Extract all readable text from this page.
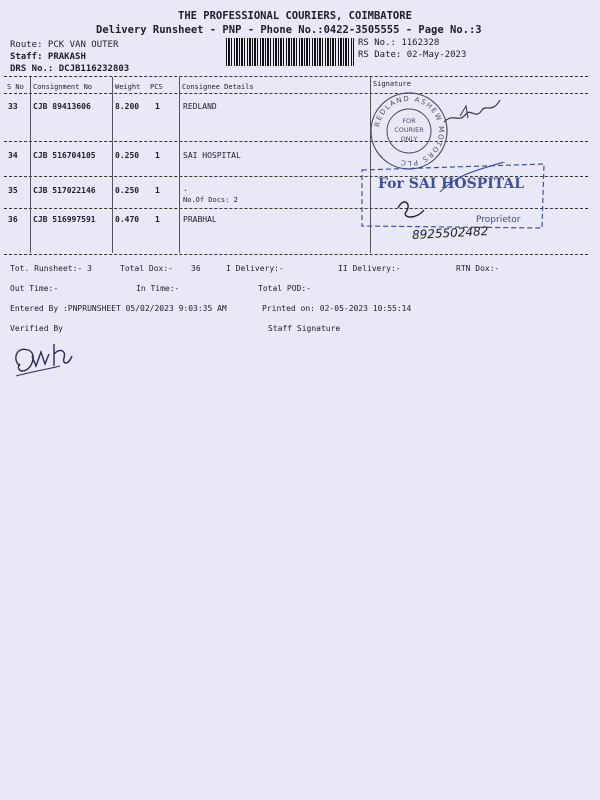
THE PROFESSIONAL COURIERS, COIMBATORE
Delivery Runsheet - PNP - Phone No.:0422-3505555 - Page No.:3
Route: PCK VAN OUTER
Staff: PRAKASH
DRS No.: DCJB116232803
RS No.: 1162328
RS Date: 02-May-2023
S No Consignment No	Weight PCS	Consignee Details	Signature
33 CJB 89413606	8.200 1	REDLAND
34 CJB 516704105 0.250 1	SAI HOSPITAL
35 CJB 517022146 0.250 1	.
No.Of Docs: 2
36 CJB 516997591 0.470 1	PRABHAL
REDLAND ASHEW MOTORS PLC
FOR
COURIER
ONLY
For SAI HOSPITAL
Proprietor
8925502482
Tot. Runsheet:- 3	Total Dox:- 36	I Delivery:-	II Delivery:-	RTN Dox:-
Out Time:-	In Time:-	Total POD:-
Entered By :PNPRUNSHEET 05/02/2023 9:03:35 AM	Printed on: 02-05-2023 10:55:14
Verified By	Staff Signature
